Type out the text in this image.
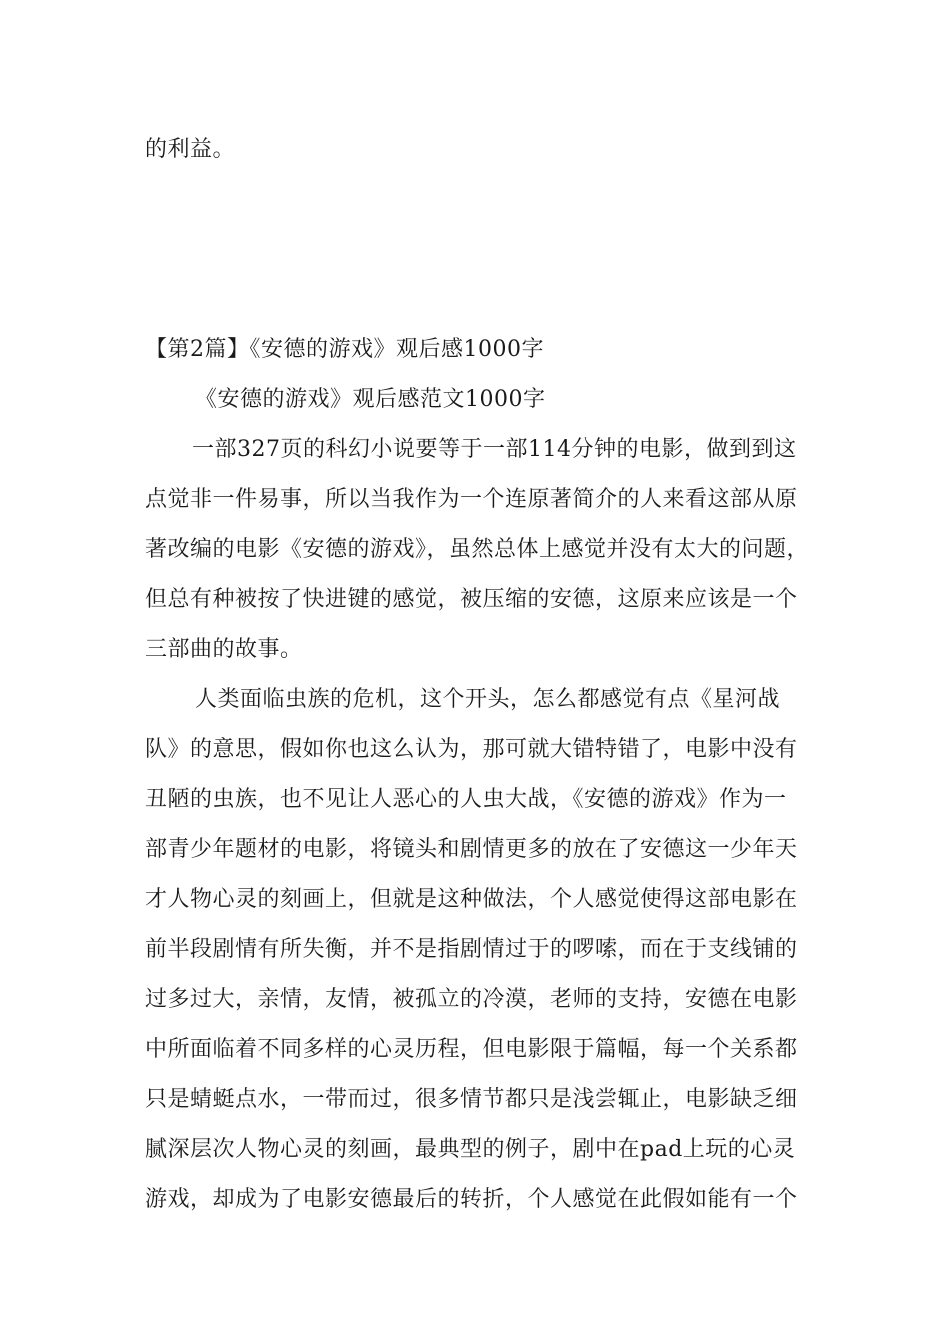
的利益。
【第2篇】《安德的游戏》观后感1000字
《安德的游戏》观后感范文1000字
一部327页的科幻小说要等于一部114分钟的电影，做到到这
点觉非一件易事，所以当我作为一个连原著简介的人来看这部从原
著改编的电影《安德的游戏》，虽然总体上感觉并没有太大的问题，
但总有种被按了快进键的感觉，被压缩的安德，这原来应该是一个
三部曲的故事。
人类面临虫族的危机，这个开头，怎么都感觉有点《星河战
队》的意思，假如你也这么认为，那可就大错特错了，电影中没有
丑陋的虫族，也不见让人恶心的人虫大战，《安德的游戏》作为一
部青少年题材的电影，将镜头和剧情更多的放在了安德这一少年天
才人物心灵的刻画上，但就是这种做法，个人感觉使得这部电影在
前半段剧情有所失衡，并不是指剧情过于的啰嗦，而在于支线铺的
过多过大，亲情，友情，被孤立的冷漠，老师的支持，安德在电影
中所面临着不同多样的心灵历程，但电影限于篇幅，每一个关系都
只是蜻蜓点水，一带而过，很多情节都只是浅尝辄止，电影缺乏细
腻深层次人物心灵的刻画，最典型的例子，剧中在pad上玩的心灵
游戏，却成为了电影安德最后的转折，个人感觉在此假如能有一个
